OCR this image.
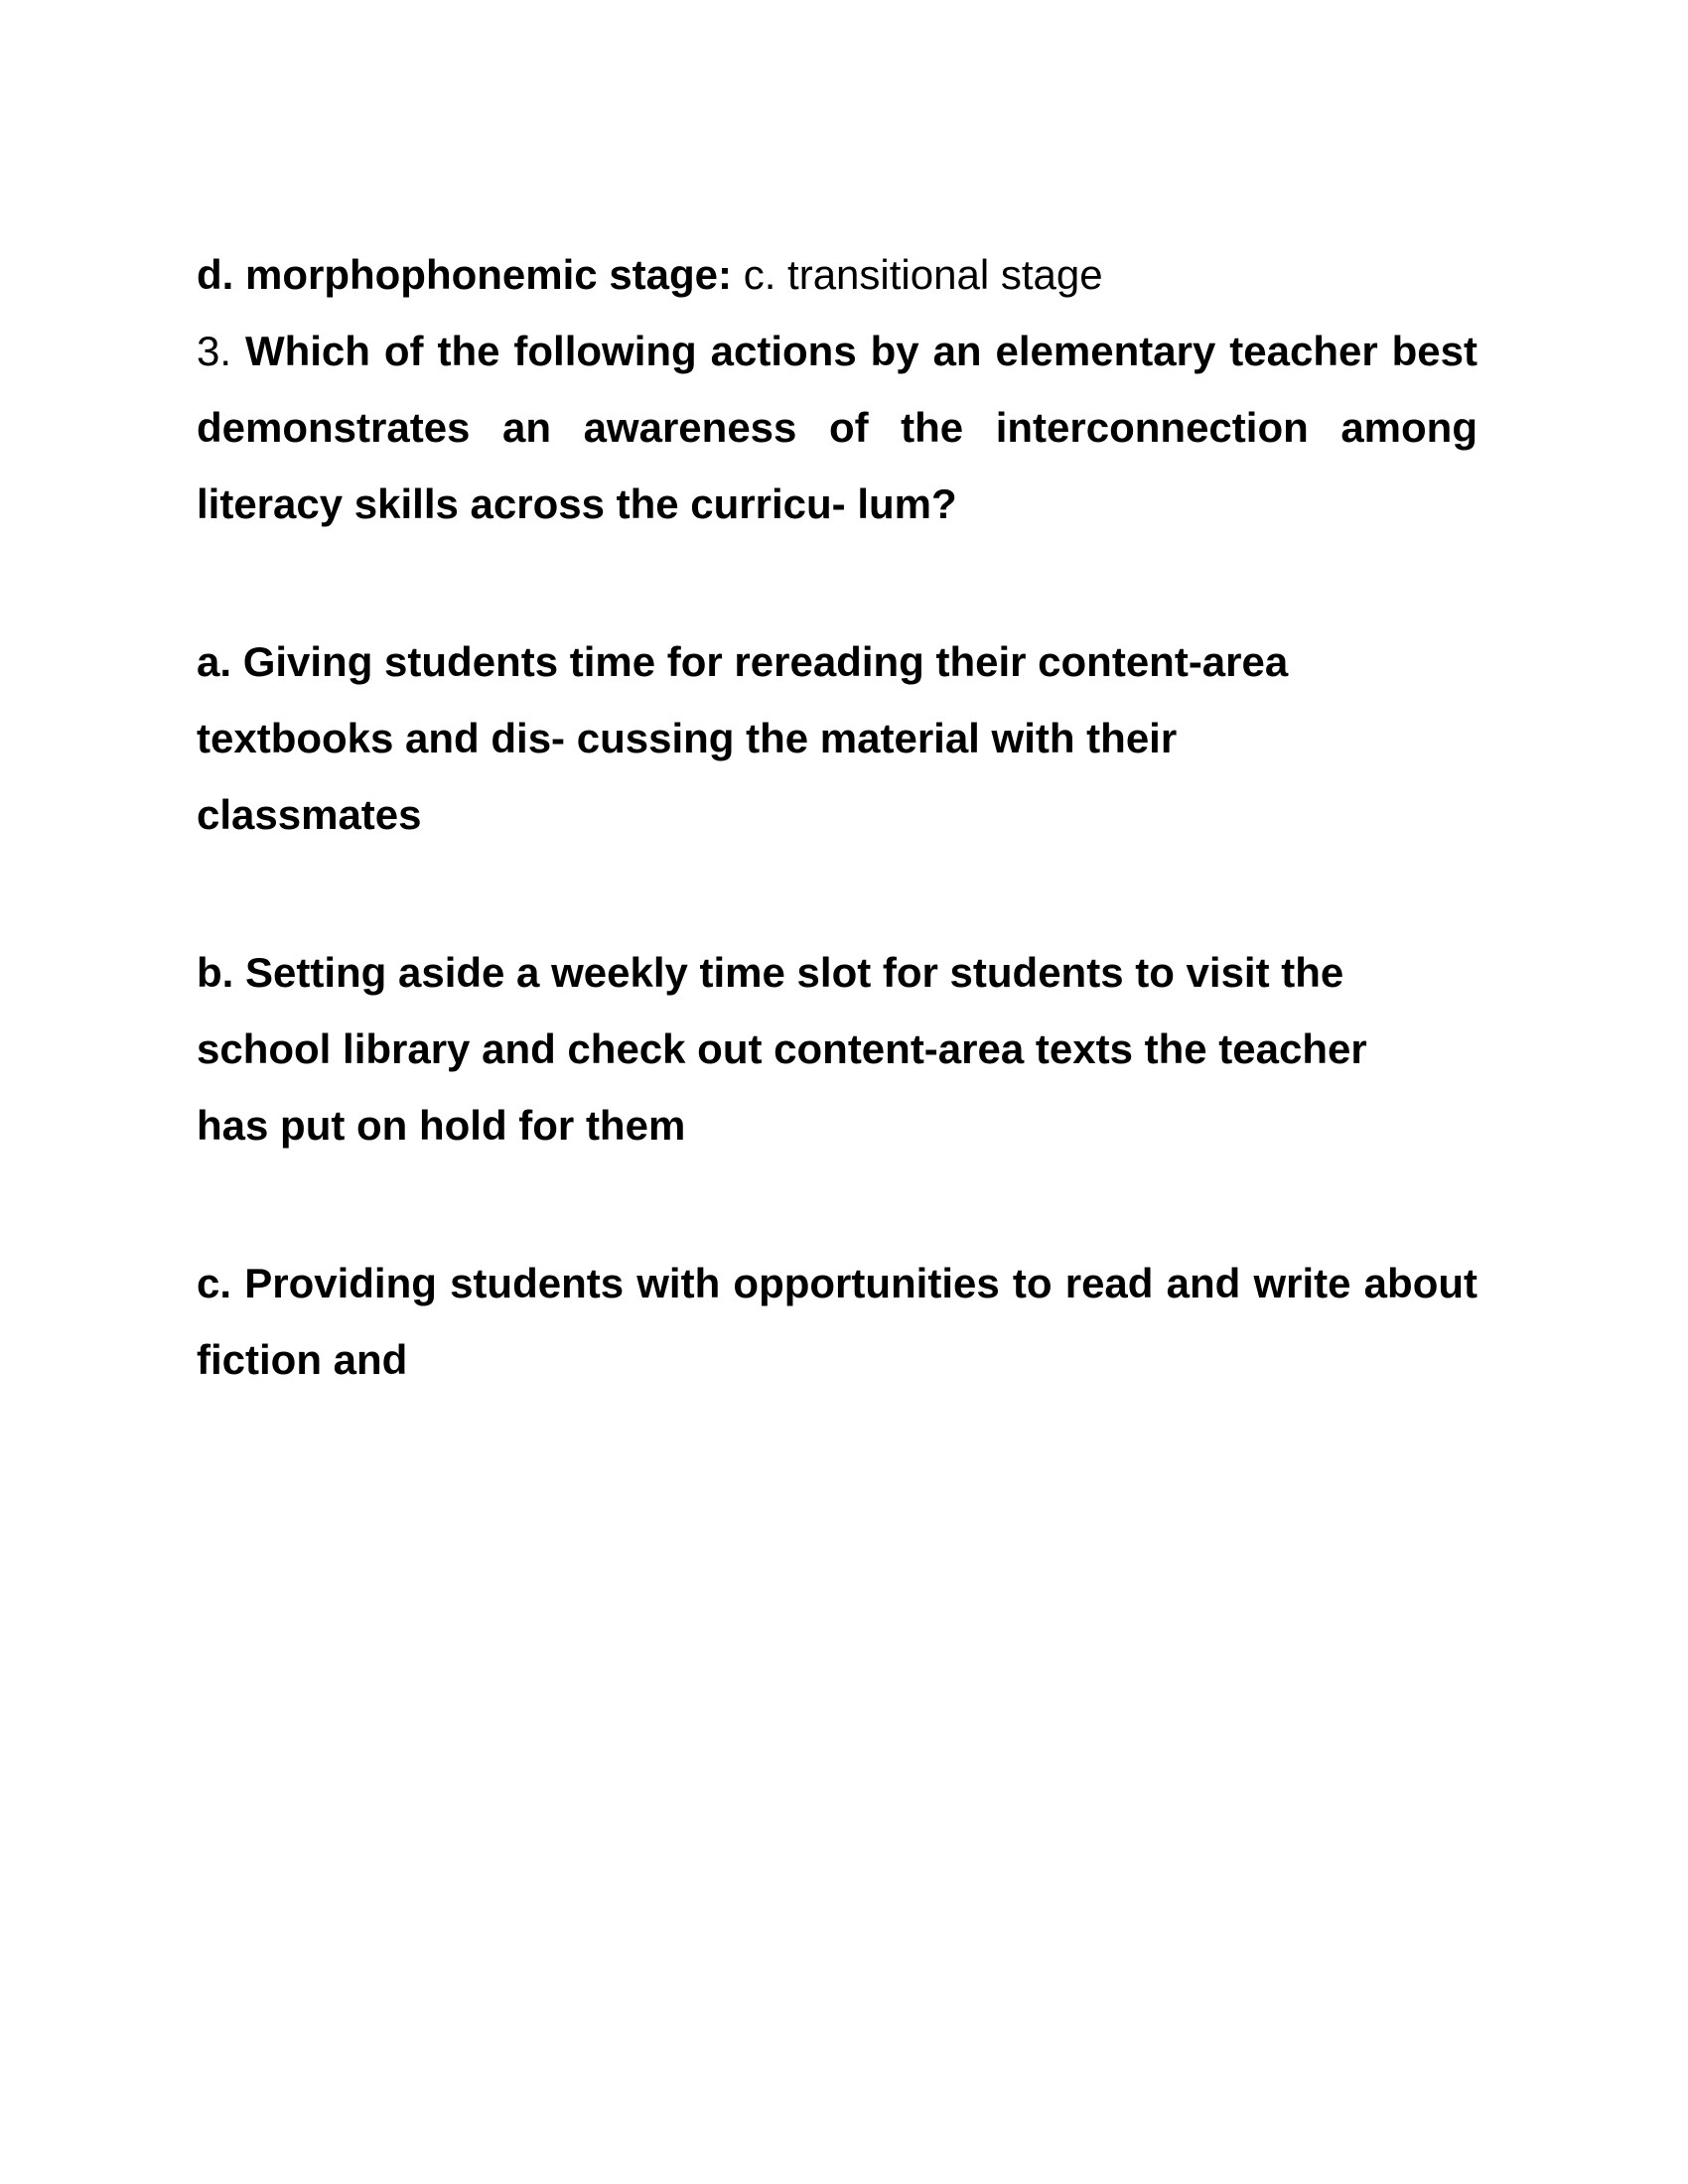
d. morphophonemic stage: c. transitional stage

3. Which of the following actions by an elementary teacher best demonstrates an awareness of the interconnection among literacy skills across the curricu- lum?

a. Giving students time for rereading their content-area textbooks and dis- cussing the material with their classmates

b. Setting aside a weekly time slot for students to visit the school library and check out content-area texts the teacher has put on hold for them

c. Providing students with opportunities to read and write about fiction and
